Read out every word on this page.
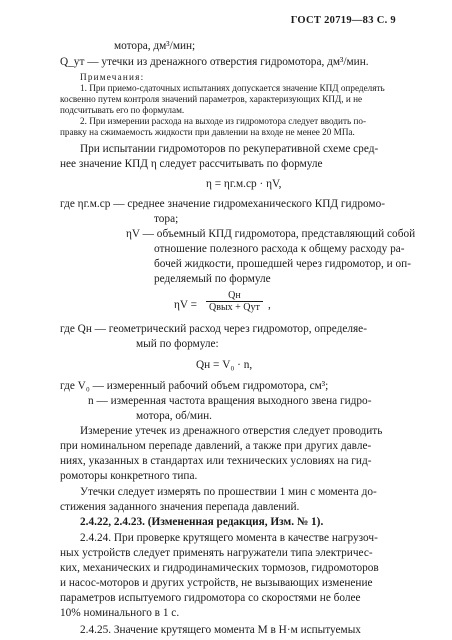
ГОСТ 20719—83 С. 9
мотора, дм³/мин;
Q_ут — утечки из дренажного отверстия гидромотора, дм³/мин.
Примечания:
1. При приемо-сдаточных испытаниях допускается значение КПД определять
косвенно путем контроля значений параметров, характеризующих КПД, и не
подсчитывать его по формулам.
2. При измерении расхода на выходе из гидромотора следует вводить по-
правку на сжимаемость жидкости при давлении на входе не менее 20 МПа.
При испытании гидромоторов по рекуперативной схеме сред-
нее значение КПД η следует рассчитывать по формуле
η = ηг.м.ср · ηV,
где ηг.м.ср — среднее значение гидромеханического КПД гидромо-
тора;
ηV — объемный КПД гидромотора, представляющий собой
отношение полезного расхода к общему расходу ра-
бочей жидкости, прошедшей через гидромотор, и оп-
ределяемый по формуле
ηV =
Qн
Qвых + Qут ,
где Qн — геометрический расход через гидромотор, определяе-
мый по формуле:
Qн = V₀ · n,
где V₀ — измеренный рабочий объем гидромотора, см³;
n — измеренная частота вращения выходного звена гидро-
мотора, об/мин.
Измерение утечек из дренажного отверстия следует проводить
при номинальном перепаде давлений, а также при других давле-
ниях, указанных в стандартах или технических условиях на гид-
ромоторы конкретного типа.
Утечки следует измерять по прошествии 1 мин с момента до-
стижения заданного значения перепада давлений.
2.4.22, 2.4.23. (Измененная редакция, Изм. № 1).
2.4.24. При проверке крутящего момента в качестве нагрузоч-
ных устройств следует применять нагружатели типа электричес-
ких, механических и гидродинамических тормозов, гидромоторов
и насос-моторов и других устройств, не вызывающих изменение
параметров испытуемого гидромотора со скоростями не более
10% номинального в 1 с.
2.4.25. Значение крутящего момента M в Н·м испытуемых
